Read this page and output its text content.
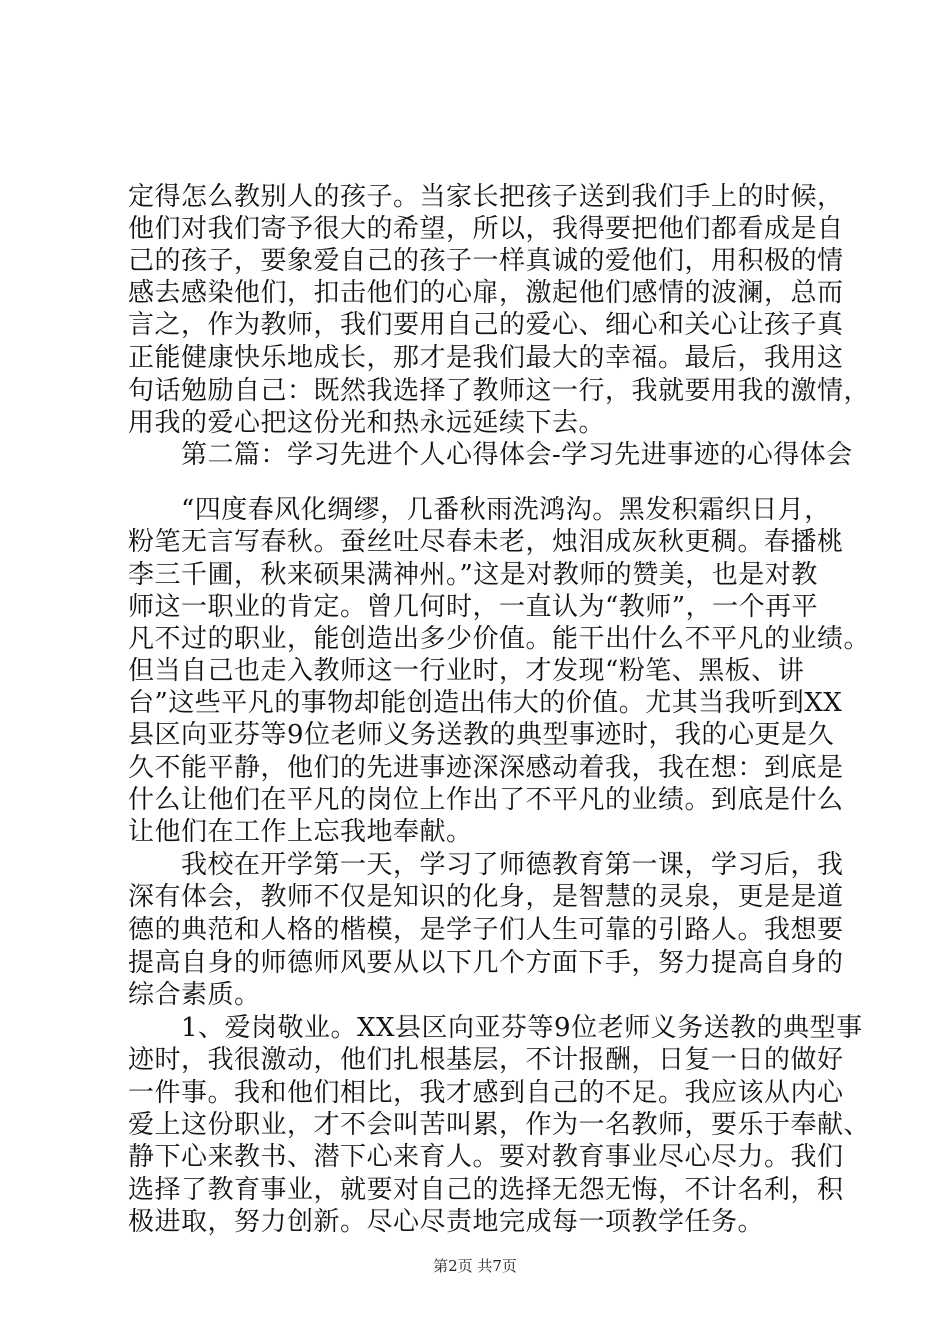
定得怎么教别人的孩子。当家长把孩子送到我们手上的时候，
他们对我们寄予很大的希望，所以，我得要把他们都看成是自
己的孩子，要象爱自己的孩子一样真诚的爱他们，用积极的情
感去感染他们，扣击他们的心扉，激起他们感情的波澜，总而
言之，作为教师，我们要用自己的爱心、细心和关心让孩子真
正能健康快乐地成长，那才是我们最大的幸福。最后，我用这
句话勉励自己：既然我选择了教师这一行，我就要用我的激情，
用我的爱心把这份光和热永远延续下去。
　　第二篇：学习先进个人心得体会-学习先进事迹的心得体会
　　“四度春风化绸缪，几番秋雨洗鸿沟。黑发积霜织日月，
粉笔无言写春秋。蚕丝吐尽春未老，烛泪成灰秋更稠。春播桃
李三千圃，秋来硕果满神州。”这是对教师的赞美，也是对教
师这一职业的肯定。曾几何时，一直认为“教师”，一个再平
凡不过的职业，能创造出多少价值。能干出什么不平凡的业绩。
但当自己也走入教师这一行业时，才发现“粉笔、黑板、讲
台”这些平凡的事物却能创造出伟大的价值。尤其当我听到XX
县区向亚芬等9位老师义务送教的典型事迹时，我的心更是久
久不能平静，他们的先进事迹深深感动着我，我在想：到底是
什么让他们在平凡的岗位上作出了不平凡的业绩。到底是什么
让他们在工作上忘我地奉献。
　　我校在开学第一天，学习了师德教育第一课，学习后，我
深有体会，教师不仅是知识的化身，是智慧的灵泉，更是是道
德的典范和人格的楷模，是学子们人生可靠的引路人。我想要
提高自身的师德师风要从以下几个方面下手，努力提高自身的
综合素质。
　　1、爱岗敬业。XX县区向亚芬等9位老师义务送教的典型事
迹时，我很激动，他们扎根基层，不计报酬，日复一日的做好
一件事。我和他们相比，我才感到自己的不足。我应该从内心
爱上这份职业，才不会叫苦叫累，作为一名教师，要乐于奉献、
静下心来教书、潜下心来育人。要对教育事业尽心尽力。我们
选择了教育事业，就要对自己的选择无怨无悔，不计名利，积
极进取，努力创新。尽心尽责地完成每一项教学任务。
第2页 共7页
